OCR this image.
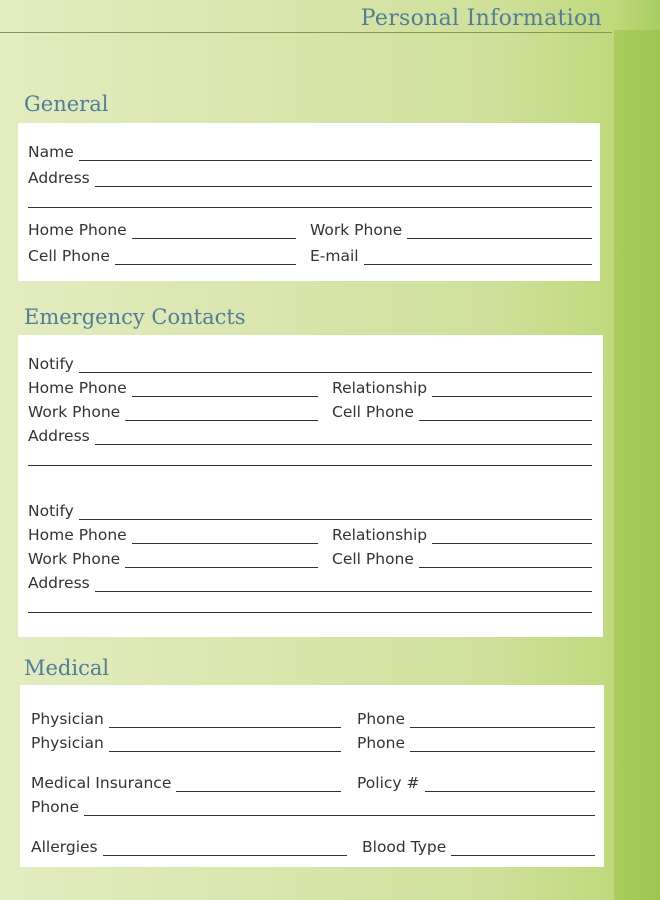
Personal Information
General
Name
Address
Home Phone	Work Phone
Cell Phone	E-mail
Emergency Contacts
Notify
Home Phone	Relationship
Work Phone	Cell Phone
Address
Notify
Home Phone	Relationship
Work Phone	Cell Phone
Address
Medical
Physician	Phone
Physician	Phone
Medical Insurance	Policy #
Phone
Allergies	Blood Type
